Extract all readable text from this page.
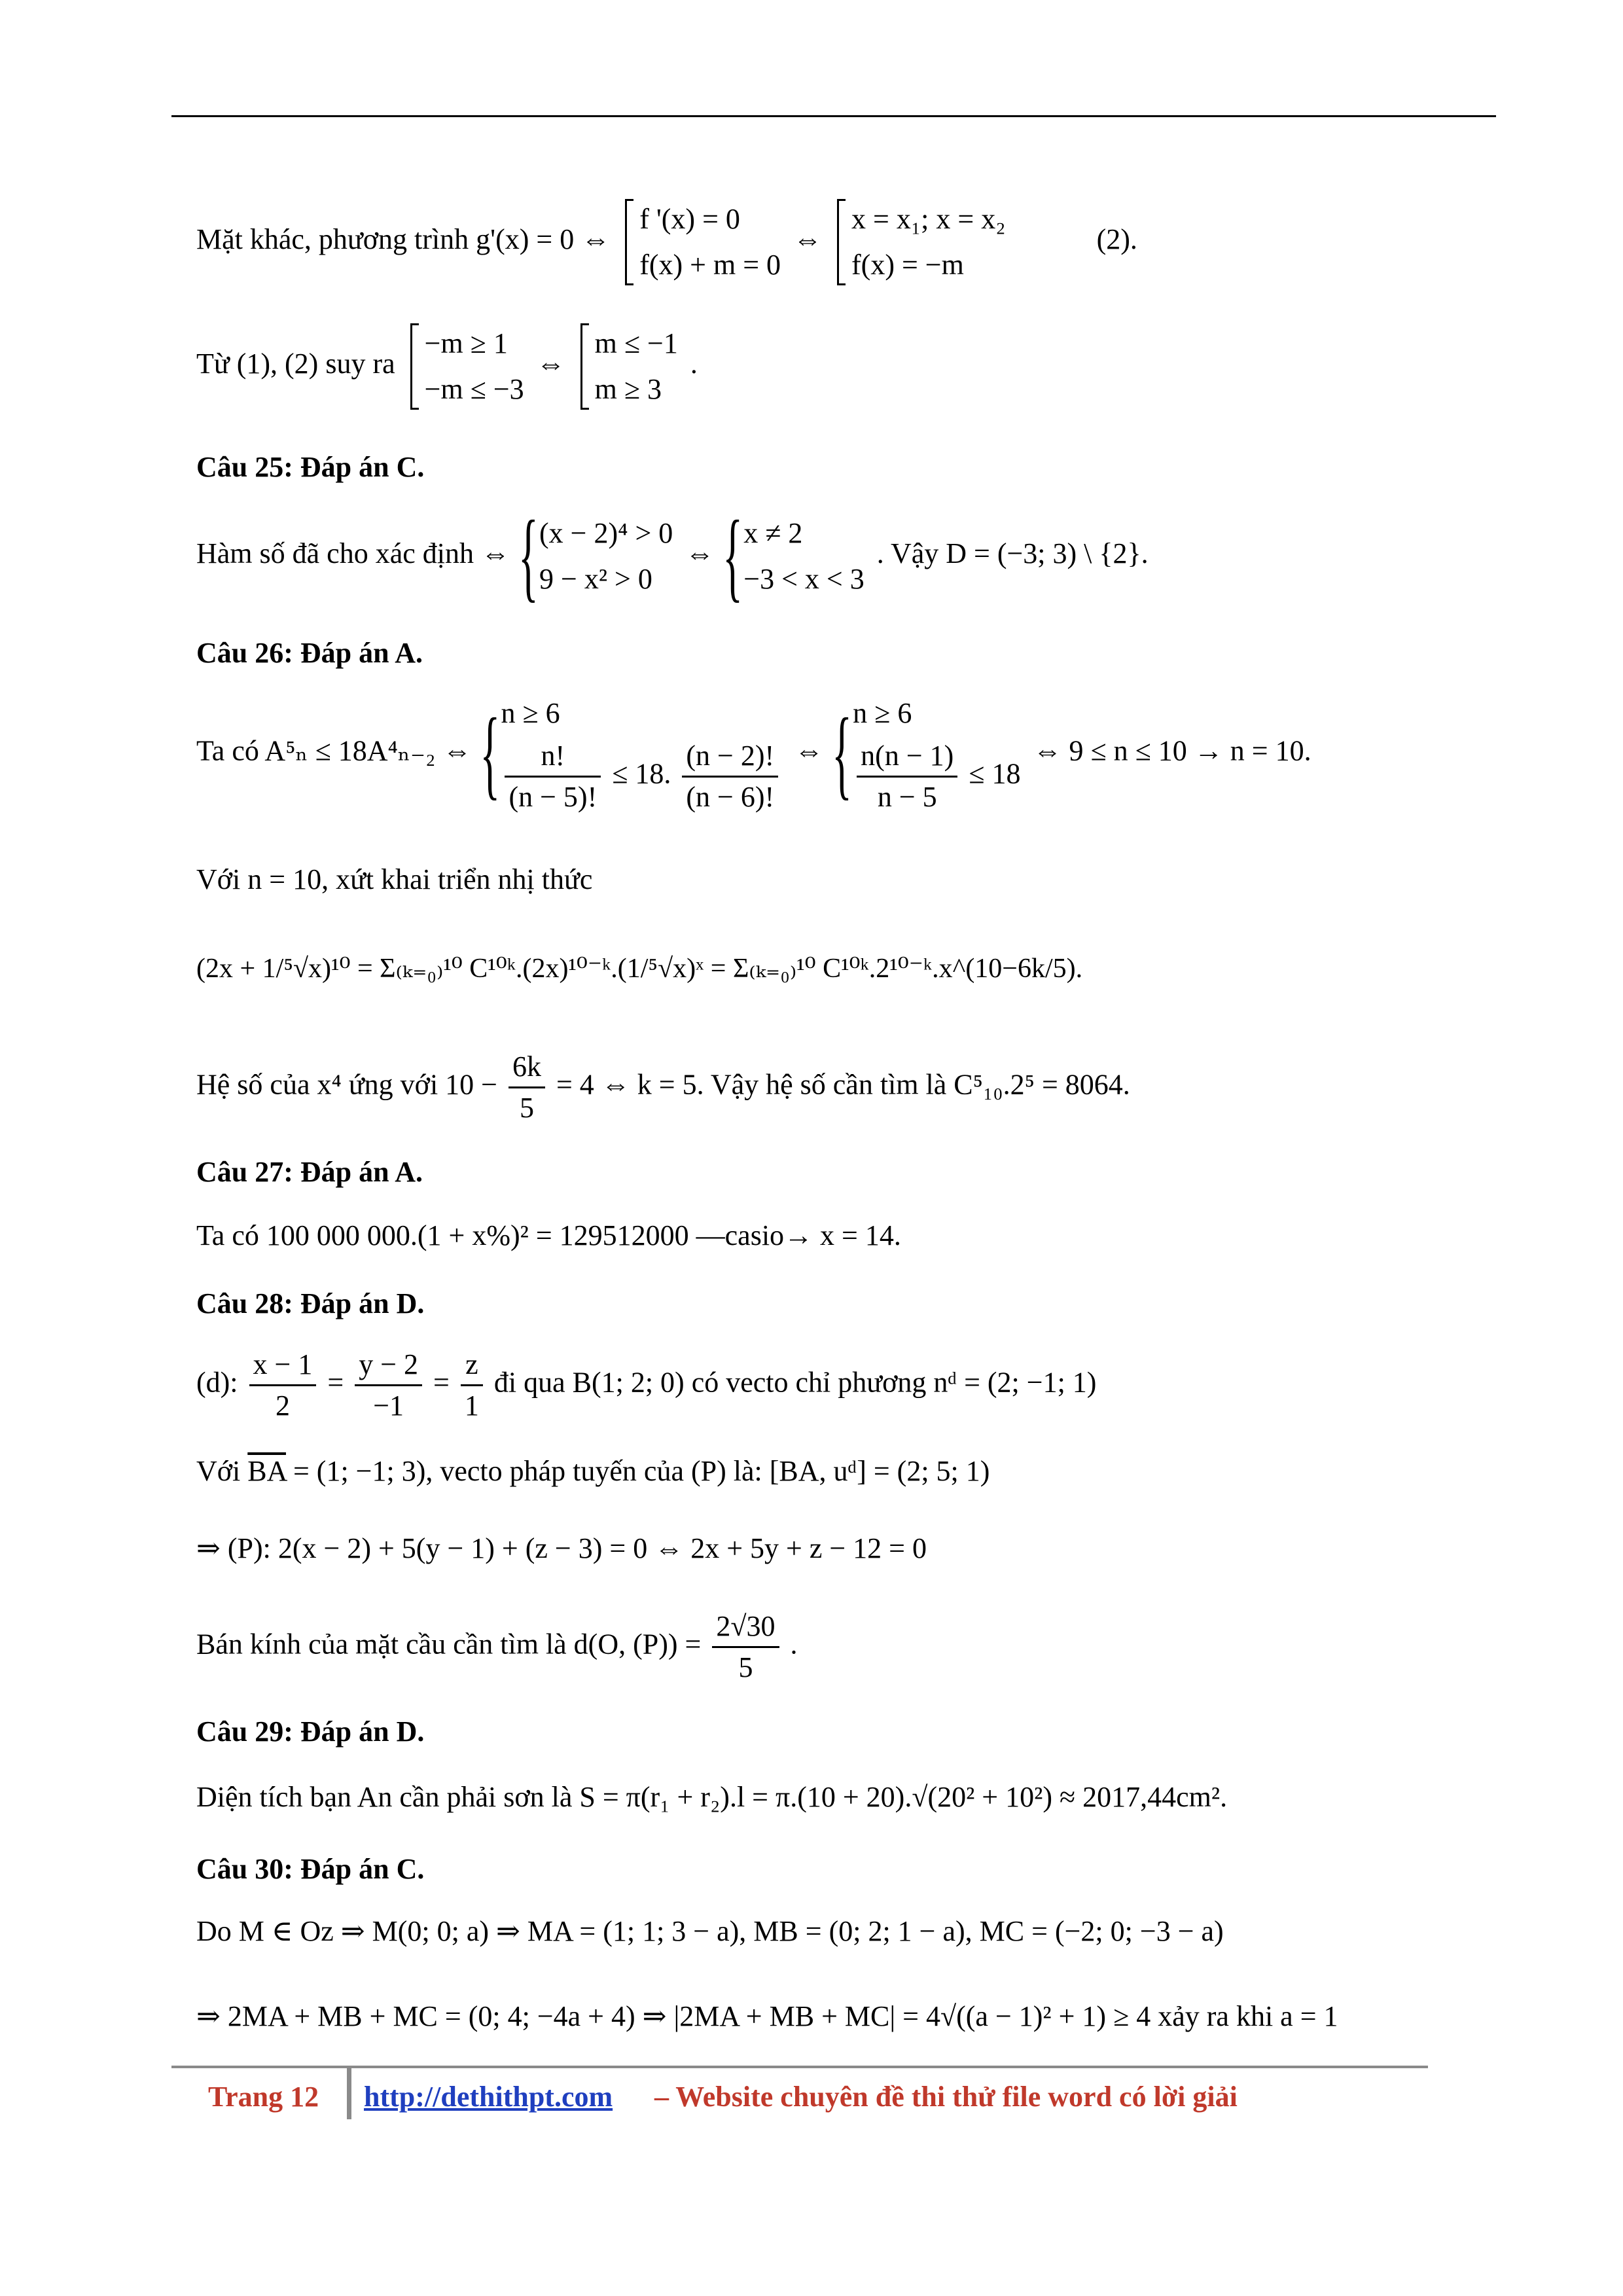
Mặt khác, phương trình g'(x) = 0 ⇔
f '(x) = 0
f(x) + m = 0
⇔
x = x₁; x = x₂
f(x) = −m
(2).
Từ (1), (2) suy ra
−m ≥ 1
−m ≤ −3
⇔
m ≤ −1
m ≥ 3
.
Câu 25: Đáp án C.
Hàm số đã cho xác định ⇔
{ (x − 2)⁴ > 0
9 − x² > 0
⇔
{ x ≠ 2
−3 < x < 3
. Vậy D = (−3; 3) \ {2}.
Câu 26: Đáp án A.
Ta có A⁵ₙ ≤ 18A⁴ₙ₋₂ ⇔
{ n ≥ 6
$\frac{n!}{(n - 5)!} \le 18$. $\frac{(n - 2)!}{(n - 6)!}$ ⇔
{ n ≥ 6
$\frac{n(n - 1)}{n - 5} \le 18$
⇔ 9 ≤ n ≤ 10 → n = 10.
Với n = 10, xứt khai triển nhị thức
(2x + 1/⁵√x)¹⁰ = Σ₍ₖ₌₀₎¹⁰ C¹⁰ᵏ.(2x)¹⁰⁻ᵏ.(1/⁵√x)ˣ = Σ₍ₖ₌₀₎¹⁰ C¹⁰ᵏ.2¹⁰⁻ᵏ.x^(10−6k/5).
Hệ số của x⁴ ứng với $10 - \frac{6k}{5} = 4$ ⇔ k = 5. Vậy hệ số cần tìm là C⁵₁₀.2⁵ = 8064.
Câu 27: Đáp án A.
Ta có 100 000 000.(1 + x%)² = 129512000 —casio→ x = 14.
Câu 28: Đáp án D.
(d): $\frac{x - 1}{2} = \frac{y - 2}{-1} = \frac{z}{1}$ đi qua B(1; 2; 0) có vecto chỉ phương nᵈ = (2; −1; 1)
Với $\overline{BA} = (1$; −1; 3), vecto pháp tuyến của (P) là: [BA, uᵈ] = (2; 5; 1)
⇒ (P): 2(x − 2) + 5(y − 1) + (z − 3) = 0 ⇔ 2x + 5y + z − 12 = 0
Bán kính của mặt cầu cần tìm là d(O, $(P)) = \frac{2√30}{5}$ .
Câu 29: Đáp án D.
Diện tích bạn An cần phải sơn là S = π(r₁ + r₂).l = π.(10 + 20).√(20² + 10²) ≈ 2017,44cm².
Câu 30: Đáp án C.
Do M ∈ Oz ⇒ M(0; 0; a) ⇒ MA = (1; 1; 3 − a), MB = (0; 2; 1 − a), MC = (−2; 0; −3 − a)
⇒ 2MA + MB + MC = (0; 4; −4a + 4) ⇒ |2MA + MB + MC| = 4√((a − 1)² + 1) ≥ 4 xảy ra khi a = 1
Trang 12 http://dethithpt.com – Website chuyên đề thi thử file word có lời giải
